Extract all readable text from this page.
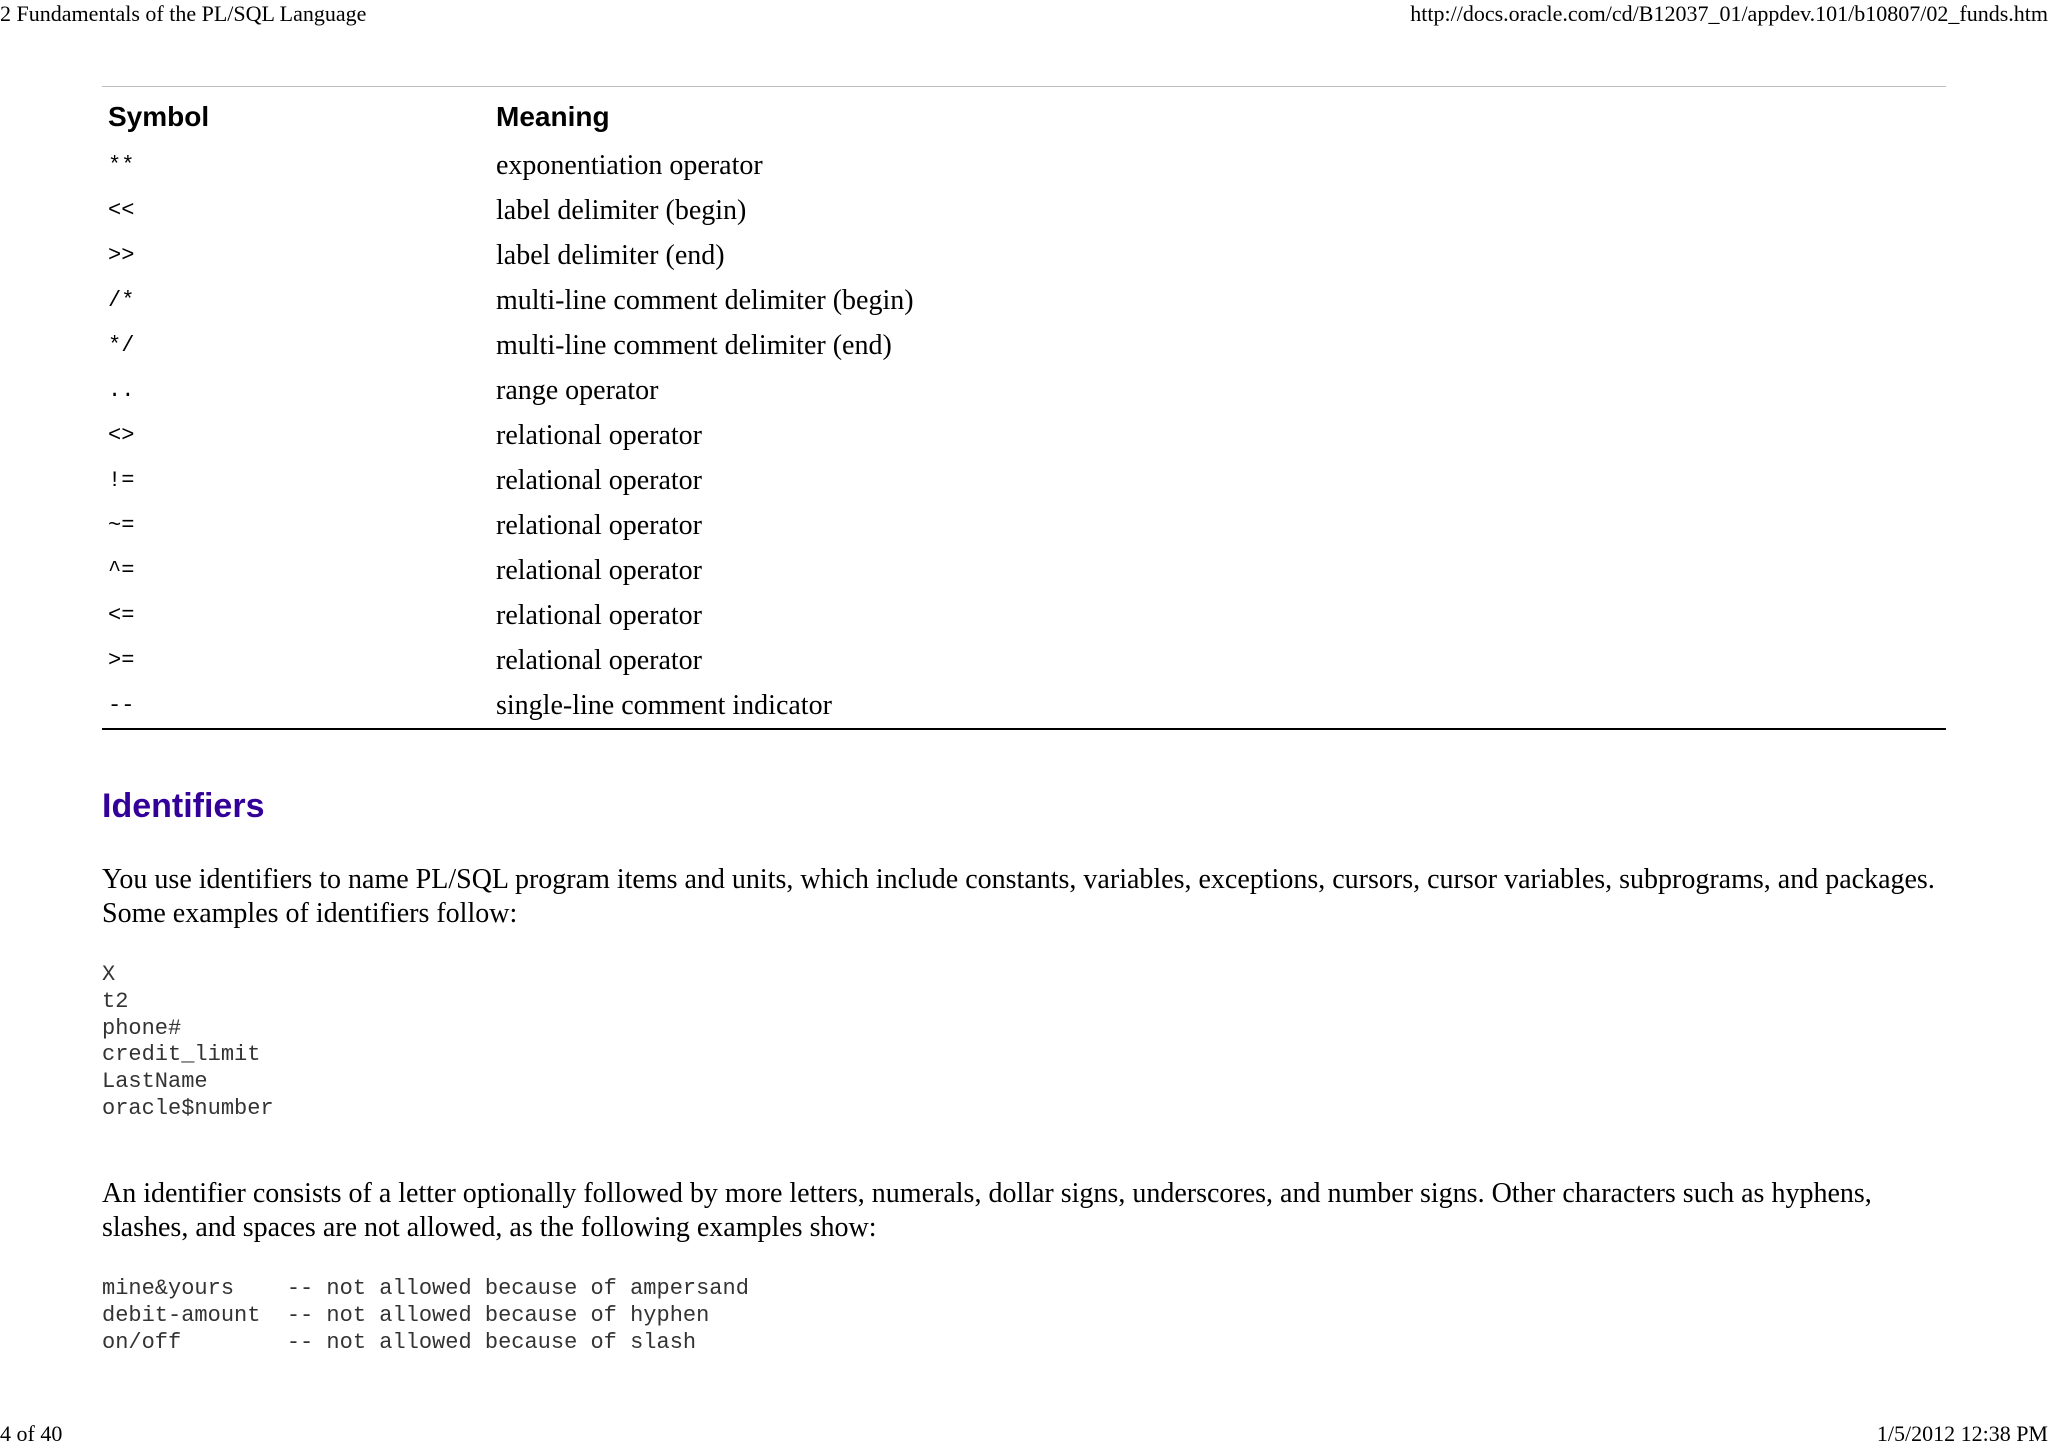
2 Fundamentals of the PL/SQL Language	http://docs.oracle.com/cd/B12037_01/appdev.101/b10807/02_funds.htm
Symbol	Meaning
**	exponentiation operator
<<	label delimiter (begin)
>>	label delimiter (end)
/*	multi-line comment delimiter (begin)
*/	multi-line comment delimiter (end)
..	range operator
<>	relational operator
!=	relational operator
~=	relational operator
^=	relational operator
<=	relational operator
>=	relational operator
--	single-line comment indicator
Identifiers

You use identifiers to name PL/SQL program items and units, which include constants, variables, exceptions, cursors, cursor variables, subprograms, and packages. Some examples of identifiers follow:

X
t2
phone#
credit_limit
LastName
oracle$number

An identifier consists of a letter optionally followed by more letters, numerals, dollar signs, underscores, and number signs. Other characters such as hyphens, slashes, and spaces are not allowed, as the following examples show:

mine&yours    -- not allowed because of ampersand
debit-amount  -- not allowed because of hyphen
on/off        -- not allowed because of slash
4 of 40	1/5/2012 12:38 PM
